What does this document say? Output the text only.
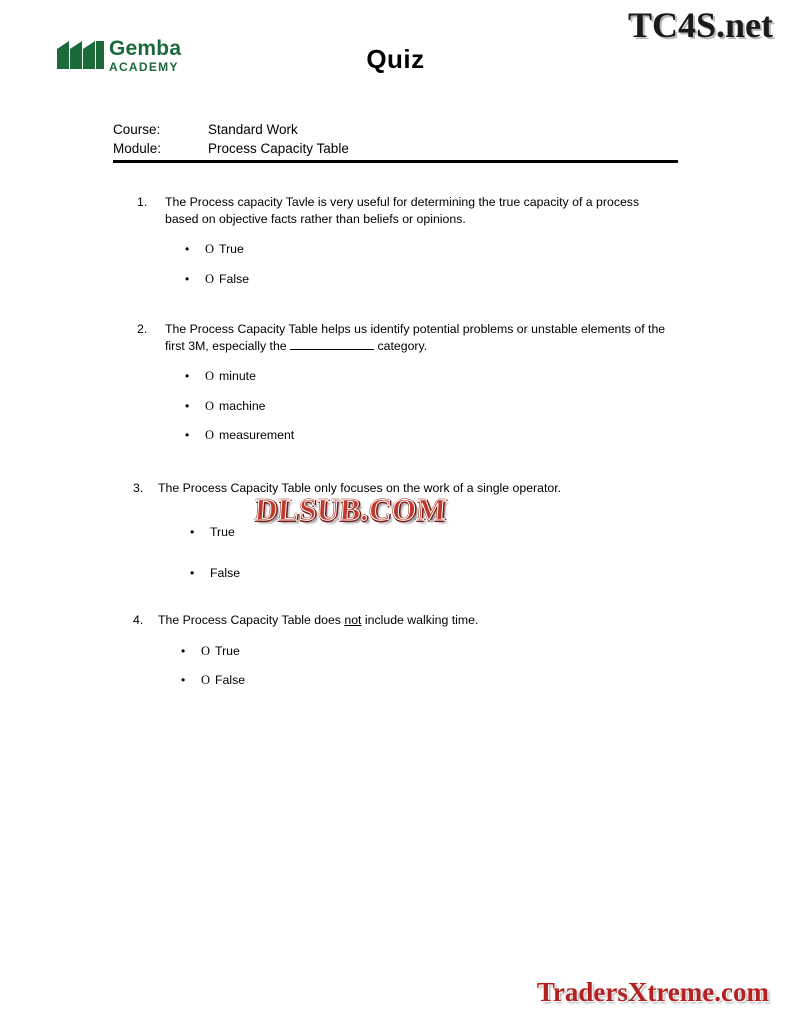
TC4S.net
Gemba
ACADEMY	Quiz
Course:	Standard Work
Module:	Process Capacity Table
1. The Process capacity Tavle is very useful for determining the true capacity of a process based on objective facts rather than beliefs or opinions.
•	O True
•	O False
2. The Process Capacity Table helps us identify potential problems or unstable elements of the first 3M, especially the	category.
•	O minute
•	O machine
•	O measurement
3. The Process Capacity Table only focuses on the work of a single operator.
•	True
•	False
4. The Process Capacity Table does not include walking time.
•	O True
•	O False
DLSUB.COM
TradersXtreme.com
